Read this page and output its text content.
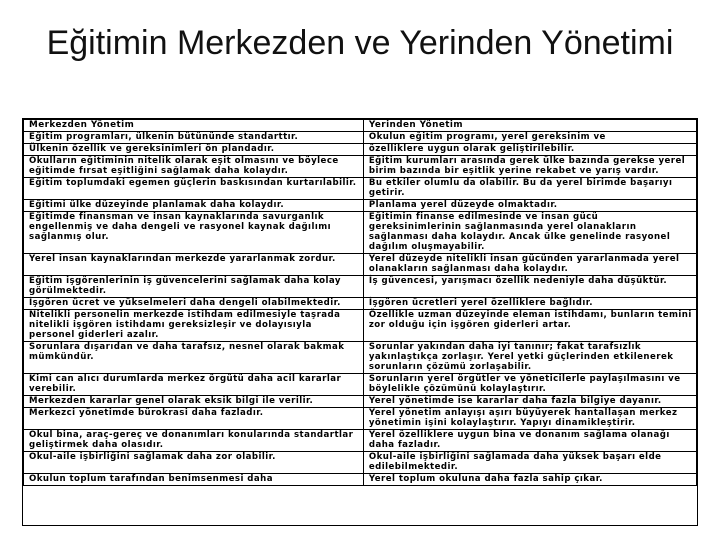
Eğitimin Merkezden ve Yerinden Yönetimi
Merkezden Yönetim	Yerinden Yönetim
Eğitim programları, ülkenin bütününde standarttır.	Okulun eğitim programı, yerel gereksinim ve
Ülkenin özellik ve gereksinimleri ön plandadır.	özelliklere uygun olarak geliştirilebilir.
Okulların eğitiminin nitelik olarak eşit olmasını ve böylece eğitimde fırsat eşitliğini sağlamak daha kolaydır.	Eğitim kurumları arasında gerek ülke bazında gerekse yerel birim bazında bir eşitlik yerine rekabet ve yarış vardır.
Eğitim toplumdaki egemen güçlerin baskısından kurtarılabilir.	Bu etkiler olumlu da olabilir. Bu da yerel birimde başarıyı getirir.
Eğitimi ülke düzeyinde planlamak daha kolaydır.	Planlama yerel düzeyde olmaktadır.
Eğitimde finansman ve insan kaynaklarında savurganlık engellenmiş ve daha dengeli ve rasyonel kaynak dağılımı sağlanmış olur.	Eğitimin finanse edilmesinde ve insan gücü gereksinimlerinin sağlanmasında yerel olanakların sağlanması daha kolaydır. Ancak ülke genelinde rasyonel dağılım oluşmayabilir.
Yerel insan kaynaklarından merkezde yararlanmak zordur.	Yerel düzeyde nitelikli insan gücünden yararlanmada yerel olanakların sağlanması daha kolaydır.
Eğitim işgörenlerinin iş güvencelerini sağlamak daha kolay görülmektedir.	İş güvencesi, yarışmacı özellik nedeniyle daha düşüktür.
İşgören ücret ve yükselmeleri daha dengeli olabilmektedir.	İşgören ücretleri yerel özelliklere bağlıdır.
Nitelikli personelin merkezde istihdam edilmesiyle taşrada nitelikli işgören istihdamı gereksizleşir ve dolayısıyla personel giderleri azalır.	Özellikle uzman düzeyinde eleman istihdamı, bunların temini zor olduğu için işgören giderleri artar.
Sorunlara dışarıdan ve daha tarafsız, nesnel olarak bakmak mümkündür.	Sorunlar yakından daha iyi tanınır; fakat tarafsızlık yakınlaştıkça zorlaşır. Yerel yetki güçlerinden etkilenerek sorunların çözümü zorlaşabilir.
Kimi can alıcı durumlarda merkez örgütü daha acil kararlar verebilir.	Sorunların yerel örgütler ve yöneticilerle paylaşılmasını ve böylelikle çözümünü kolaylaştırır.
Merkezden kararlar genel olarak eksik bilgi ile verilir.	Yerel yönetimde ise kararlar daha fazla bilgiye dayanır.
Merkezci yönetimde bürokrasi daha fazladır.	Yerel yönetim anlayışı aşırı büyüyerek hantallaşan merkez yönetimin işini kolaylaştırır. Yapıyı dinamikleştirir.
Okul bina, araç-gereç ve donanımları konularında standartlar geliştirmek daha olasıdır.	Yerel özelliklere uygun bina ve donanım sağlama olanağı daha fazladır.
Okul-aile işbirliğini sağlamak daha zor olabilir.	Okul-aile işbirliğini sağlamada daha yüksek başarı elde edilebilmektedir.
Okulun toplum tarafından benimsenmesi daha	Yerel toplum okuluna daha fazla sahip çıkar.
